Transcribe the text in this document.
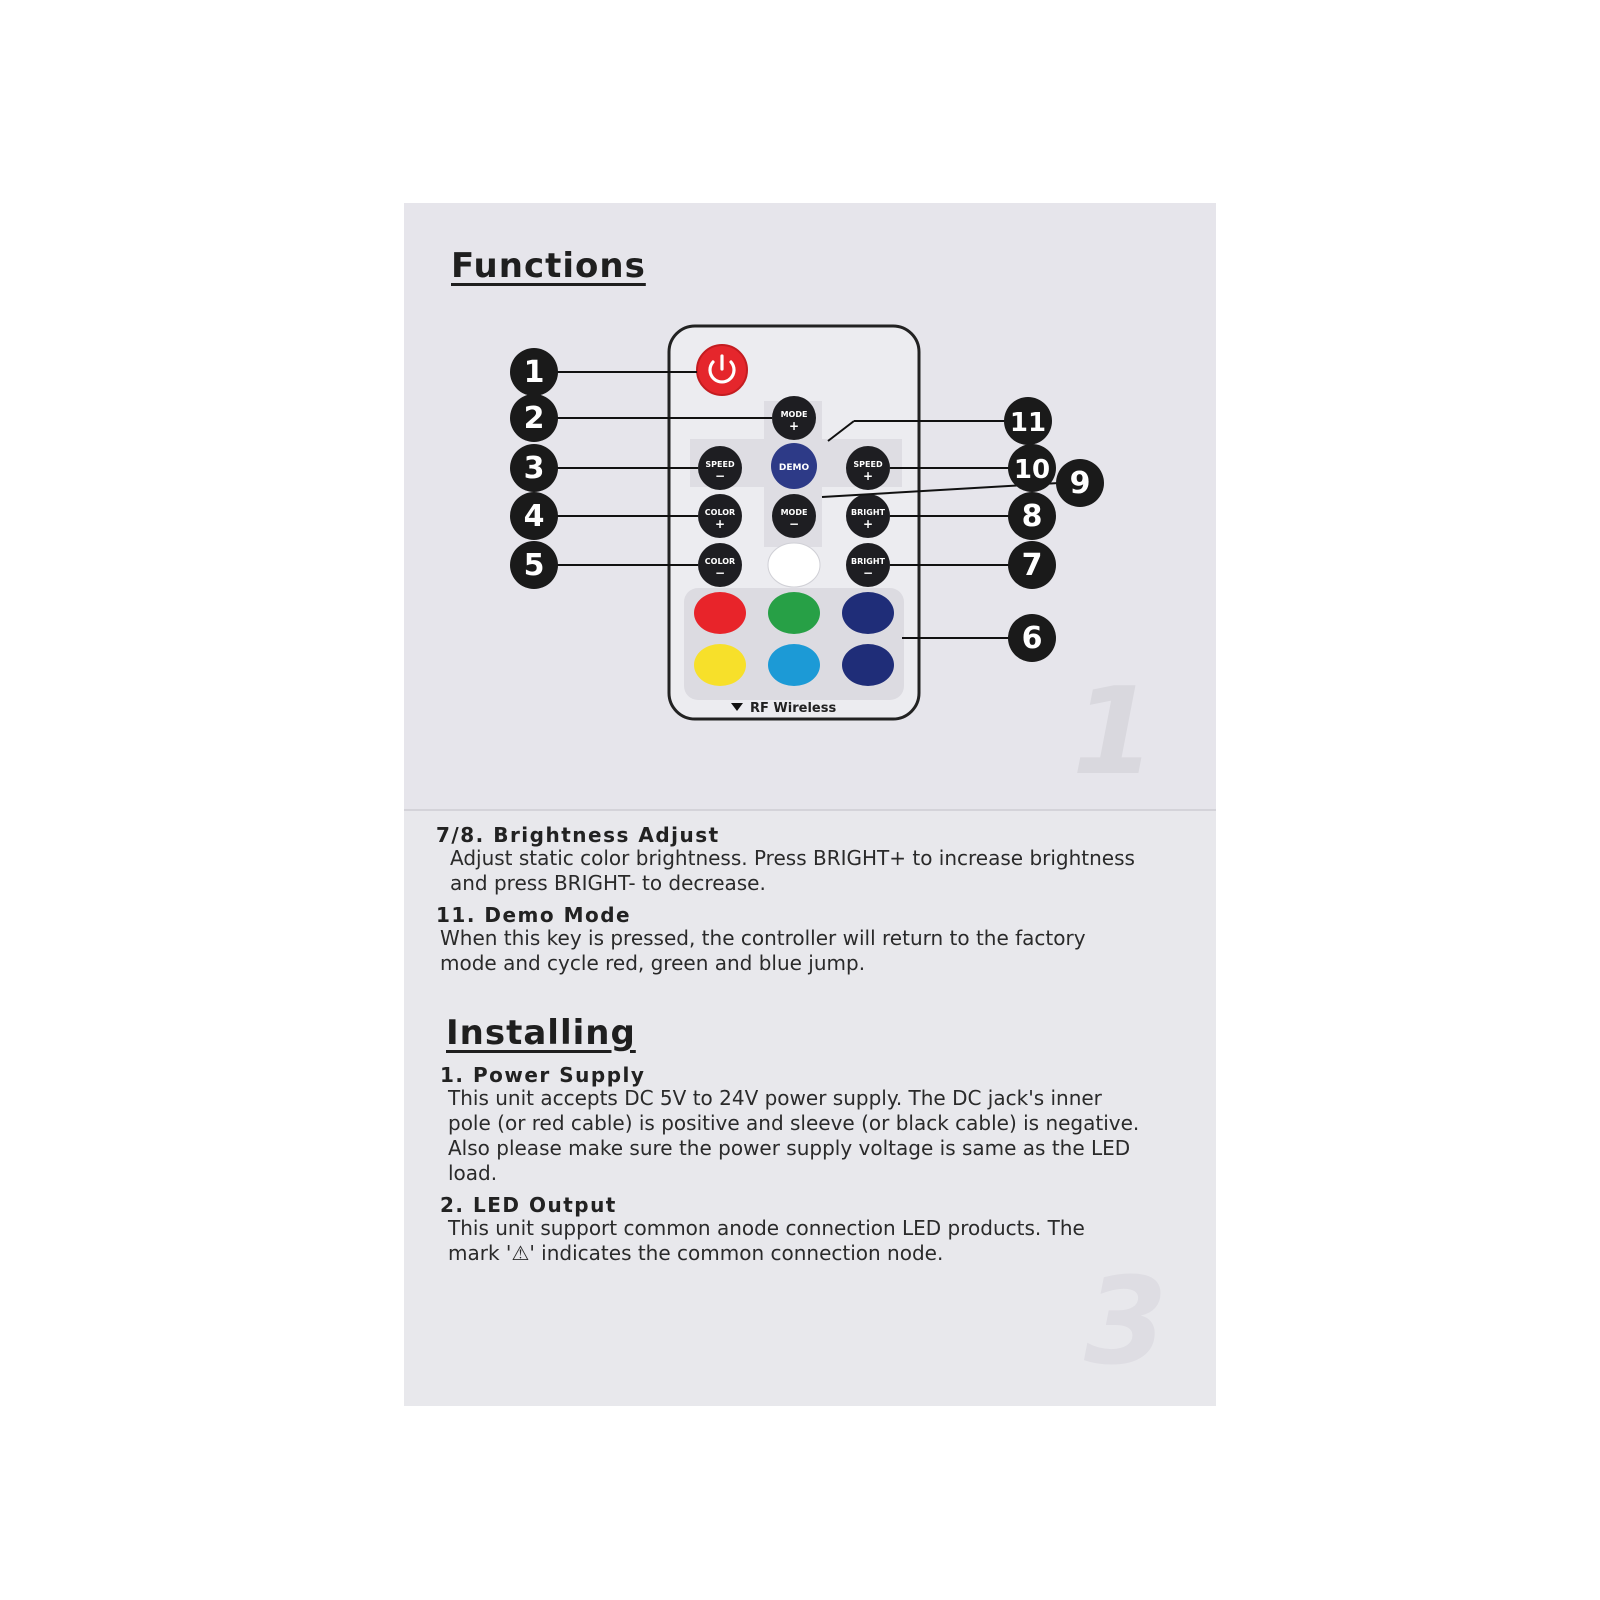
1
3
Functions
MODE
+
SPEED
−
DEMO	SPEED
+
COLOR
+
MODE
−
BRIGHT
+
COLOR
−
BRIGHT
−
RF Wireless
1
2
3
4
5
6
7
8
9
10
11
7/8. Brightness Adjust
Adjust static color brightness. Press BRIGHT+ to increase brightness and press BRIGHT- to decrease.
11. Demo Mode
When this key is pressed, the controller will return to the factory mode and cycle red, green and blue jump.
Installing
1. Power Supply
This unit accepts DC 5V to 24V power supply. The DC jack's inner pole (or red cable) is positive and sleeve (or black cable) is negative. Also please make sure the power supply voltage is same as the LED load.
2. LED Output
This unit support common anode connection LED products. The mark '⚠' indicates the common connection node.
